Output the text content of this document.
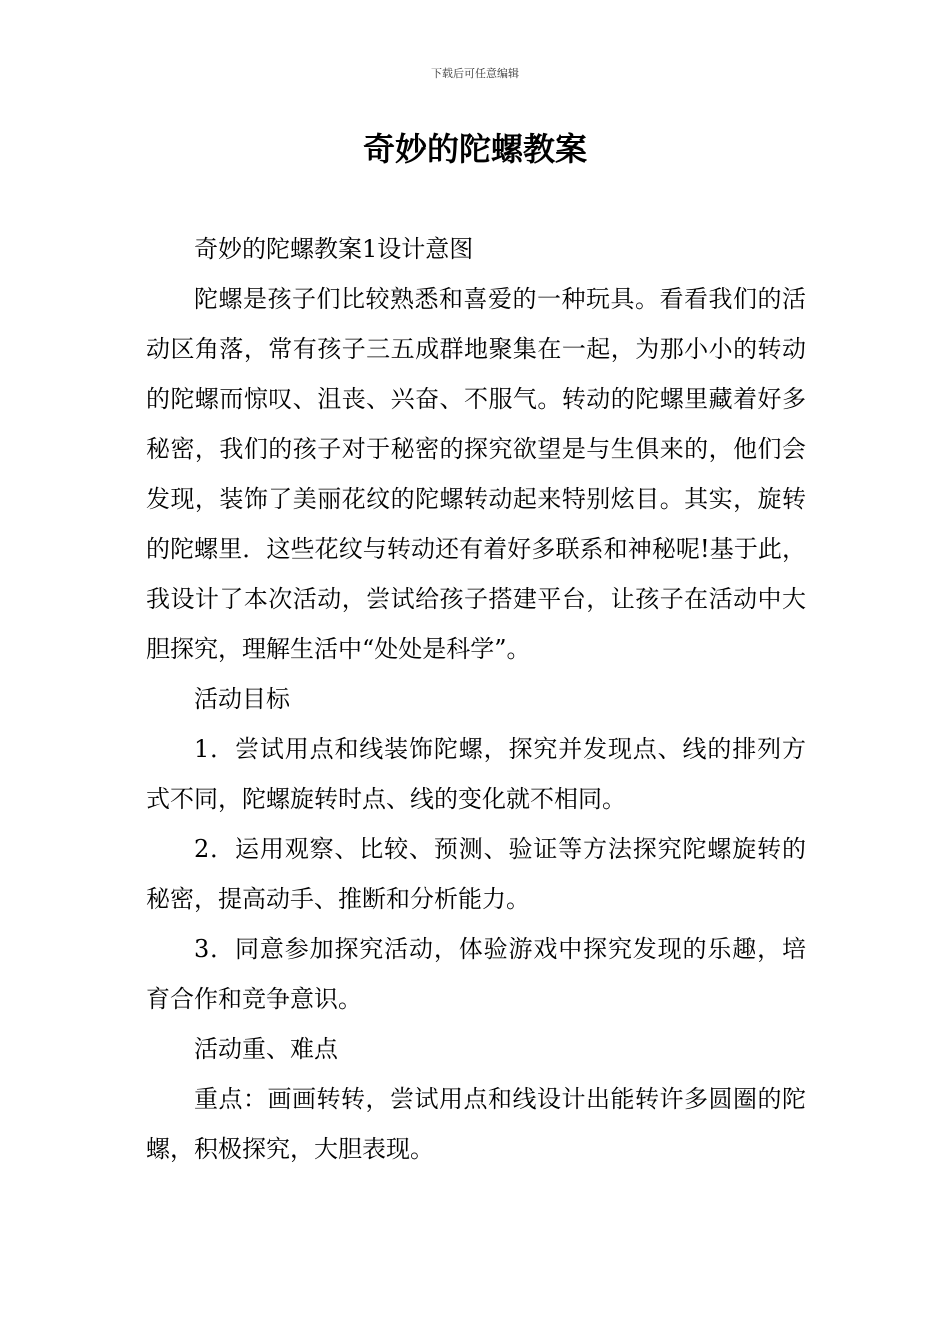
下载后可任意编辑
奇妙的陀螺教案

奇妙的陀螺教案1设计意图

陀螺是孩子们比较熟悉和喜爱的一种玩具。看看我们的活动区角落，常有孩子三五成群地聚集在一起，为那小小的转动的陀螺而惊叹、沮丧、兴奋、不服气。转动的陀螺里藏着好多秘密，我们的孩子对于秘密的探究欲望是与生俱来的，他们会发现，装饰了美丽花纹的陀螺转动起来特别炫目。其实，旋转的陀螺里．这些花纹与转动还有着好多联系和神秘呢!基于此，我设计了本次活动，尝试给孩子搭建平台，让孩子在活动中大胆探究，理解生活中“处处是科学”。

活动目标

1．尝试用点和线装饰陀螺，探究并发现点、线的排列方式不同，陀螺旋转时点、线的变化就不相同。

2．运用观察、比较、预测、验证等方法探究陀螺旋转的秘密，提高动手、推断和分析能力。

3．同意参加探究活动，体验游戏中探究发现的乐趣，培育合作和竞争意识。

活动重、难点

重点：画画转转，尝试用点和线设计出能转许多圆圈的陀螺，积极探究，大胆表现。
